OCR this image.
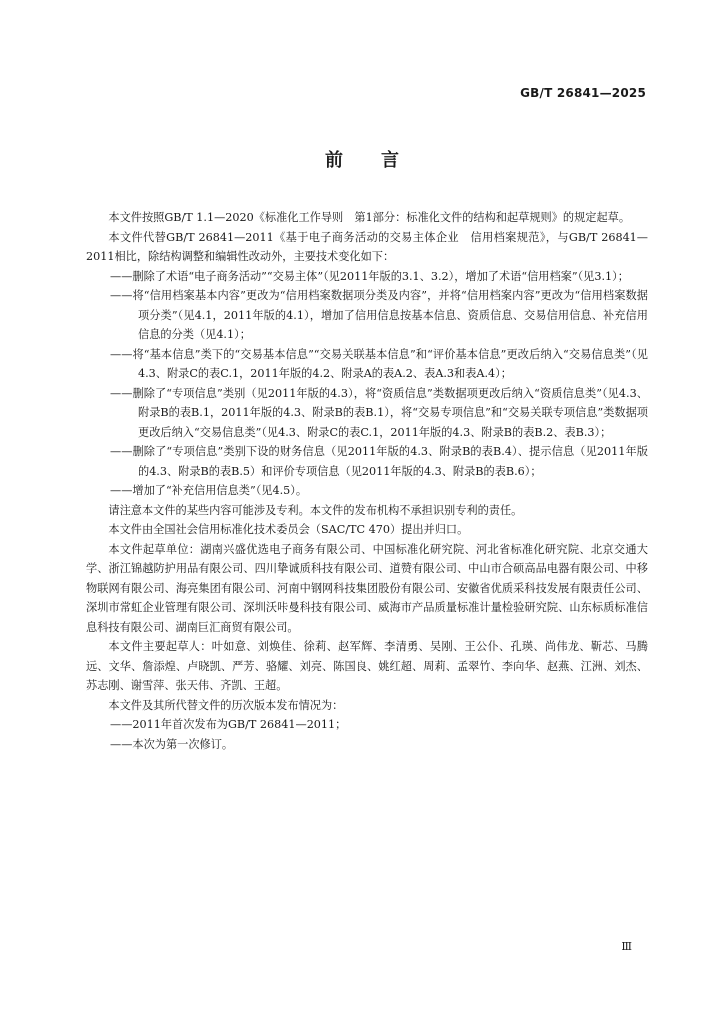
GB/T 26841—2025
前 言

本文件按照GB/T 1.1—2020《标准化工作导则　第1部分：标准化文件的结构和起草规则》的规定起草。

本文件代替GB/T 26841—2011《基于电子商务活动的交易主体企业　信用档案规范》，与GB/T 26841—2011相比，除结构调整和编辑性改动外，主要技术变化如下：

——删除了术语“电子商务活动”“交易主体”（见2011年版的3.1、3.2），增加了术语“信用档案”（见3.1）；

——将“信用档案基本内容”更改为“信用档案数据项分类及内容”，并将“信用档案内容”更改为“信用档案数据项分类”（见4.1，2011年版的4.1），增加了信用信息按基本信息、资质信息、交易信用信息、补充信用信息的分类（见4.1）；

——将“基本信息”类下的“交易基本信息”“交易关联基本信息”和“评价基本信息”更改后纳入“交易信息类”（见4.3、附录C的表C.1，2011年版的4.2、附录A的表A.2、表A.3和表A.4）；

——删除了“专项信息”类别（见2011年版的4.3），将“资质信息”类数据项更改后纳入“资质信息类”（见4.3、附录B的表B.1，2011年版的4.3、附录B的表B.1），将“交易专项信息”和“交易关联专项信息”类数据项更改后纳入“交易信息类”（见4.3、附录C的表C.1，2011年版的4.3、附录B的表B.2、表B.3）；

——删除了“专项信息”类别下设的财务信息（见2011年版的4.3、附录B的表B.4）、提示信息（见2011年版的4.3、附录B的表B.5）和评价专项信息（见2011年版的4.3、附录B的表B.6）；

——增加了“补充信用信息类”（见4.5）。

请注意本文件的某些内容可能涉及专利。本文件的发布机构不承担识别专利的责任。

本文件由全国社会信用标准化技术委员会（SAC/TC 470）提出并归口。

本文件起草单位：湖南兴盛优选电子商务有限公司、中国标准化研究院、河北省标准化研究院、北京交通大学、浙江锦越防护用品有限公司、四川挚诚质科技有限公司、道赞有限公司、中山市合硕高品电器有限公司、中移物联网有限公司、海亮集团有限公司、河南中钢网科技集团股份有限公司、安徽省优质采科技发展有限责任公司、深圳市常虹企业管理有限公司、深圳沃咔曼科技有限公司、威海市产品质量标准计量检验研究院、山东标质标准信息科技有限公司、湖南巨汇商贸有限公司。

本文件主要起草人：叶如意、刘焕佳、徐莉、赵军辉、李清勇、吴刚、王公仆、孔瑛、尚伟龙、靳芯、马腾远、文华、詹添煌、卢晓凯、严芳、骆耀、刘亮、陈国良、姚红超、周莉、孟翠竹、李向华、赵燕、江洲、刘杰、苏志刚、谢雪萍、张天伟、齐凯、王超。

本文件及其所代替文件的历次版本发布情况为：

——2011年首次发布为GB/T 26841—2011；

——本次为第一次修订。

Ⅲ
